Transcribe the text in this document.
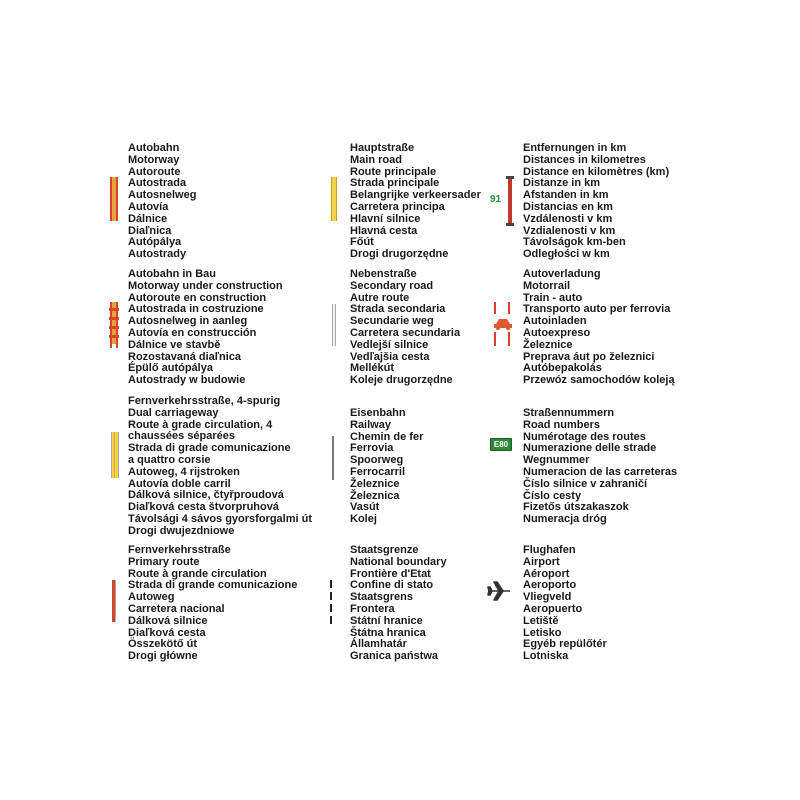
Autobahn
Motorway
Autoroute
Autostrada
Autosnelweg
Autovía
Dálnice
Diaľnica
Autópálya
Autostrady
Autobahn in Bau
Motorway under construction
Autoroute en construction
Autostrada in costruzione
Autosnelweg in aanleg
Autovía en construcción
Dálnice ve stavbě
Rozostavaná diaľnica
Épülő autópálya
Autostrady w budowie
Fernverkehrsstraße, 4-spurig
Dual carriageway
Route à grade circulation, 4
chaussées séparées
Strada di grade comunicazione
a quattro corsie
Autoweg, 4 rijstroken
Autovía doble carril
Dálková silnice, čtyřproudová
Diaľková cesta štvorpruhová
Távolsági 4 sávos gyorsforgalmi út
Drogi dwujezdniowe
Fernverkehrsstraße
Primary route
Route à grande circulation
Strada di grande comunicazione
Autoweg
Carretera nacional
Dálková silnice
Diaľková cesta
Összekötő út
Drogi główne
Hauptstraße
Main road
Route principale
Strada principale
Belangrijke verkeersader
Carretera principa
Hlavní silnice
Hlavná cesta
Főút
Drogi drugorzędne
Nebenstraße
Secondary road
Autre route
Strada secondaria
Secundarie weg
Carretera secundaria
Vedlejší silnice
Vedľajšia cesta
Mellékút
Koleje drugorzędne
Eisenbahn
Railway
Chemin de fer
Ferrovia
Spoorweg
Ferrocarril
Železnice
Železnica
Vasút
Kolej
Staatsgrenze
National boundary
Frontière d'Etat
Confine di stato
Staatsgrens
Frontera
Státní hranice
Štátna hranica
Államhatár
Granica państwa
Entfernungen in km
Distances in kilometres
Distance en kilomètres (km)
Distanze in km
Afstanden in km
Distancias en km
Vzdálenosti v km
Vzdialenosti v km
Távolságok km-ben
Odległości w km
Autoverladung
Motorrail
Train - auto
Transporto auto per ferrovia
Autoinladen
Autoexpreso
Železnice
Preprava áut po železnici
Autóbepakolás
Przewóz samochodów koleją
Straßennummern
Road numbers
Numérotage des routes
Numerazione delle strade
Wegnummer
Numeracion de las carreteras
Číslo silnice v zahraničí
Číslo cesty
Fizetős útszakaszok
Numeracja dróg
Flughafen
Airport
Aéroport
Aeroporto
Vliegveld
Aeropuerto
Letiště
Letisko
Egyéb repülőtér
Lotniska
91
E80
